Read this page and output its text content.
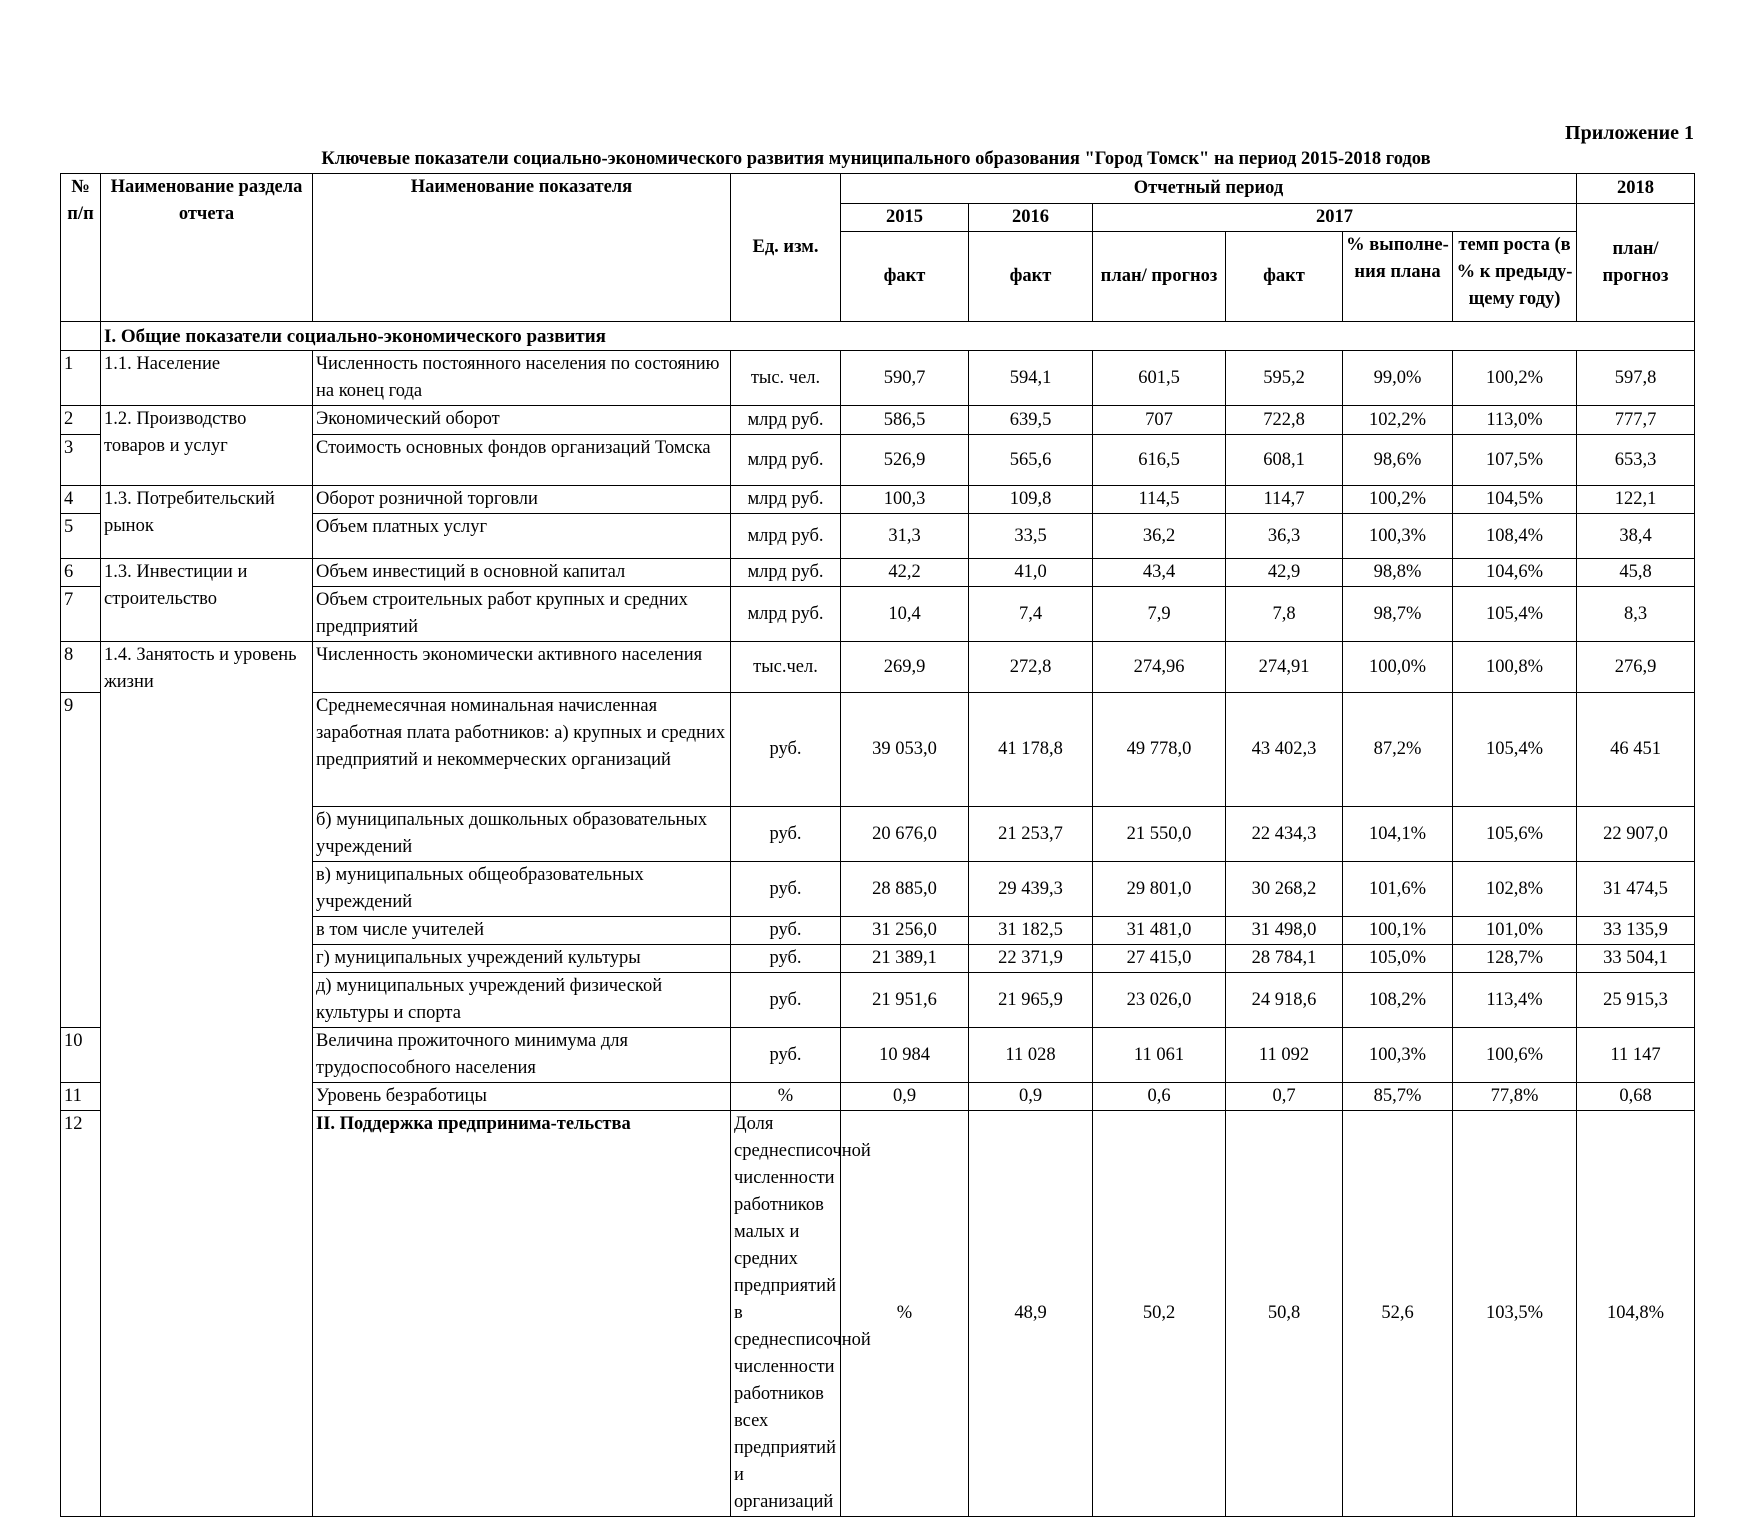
Приложение 1
Ключевые показатели социально-экономического развития муниципального образования "Город Томск" на период 2015-2018 годов
№ п/п	Наименование раздела отчета	Наименование показателя	Ед. изм.	Отчетный период						2018	
				2015	2016	2017				план/ прогноз	
				факт	факт	план/ прогноз	факт	% выполне-ния плана	темп роста (в % к предыду-щему году)		
	I. Общие показатели социально-экономического развития										
1	1.1. Население	Численность постоянного населения по состоянию на конец года	тыс. чел.	590,7	594,1	601,5	595,2	99,0%	100,2%	597,8	
2	1.2. Производство товаров и услуг	Экономический оборот	млрд руб.	586,5	639,5	707	722,8	102,2%	113,0%	777,7	
3		Стоимость основных фондов организаций Томска	млрд руб.	526,9	565,6	616,5	608,1	98,6%	107,5%	653,3	
4	1.3. Потребительский рынок	Оборот розничной торговли	млрд руб.	100,3	109,8	114,5	114,7	100,2%	104,5%	122,1	
5		Объем платных услуг	млрд руб.	31,3	33,5	36,2	36,3	100,3%	108,4%	38,4	
6	1.3. Инвестиции и строительство	Объем инвестиций в основной капитал	млрд руб.	42,2	41,0	43,4	42,9	98,8%	104,6%	45,8	
7		Объем строительных работ крупных и средних предприятий	млрд руб.	10,4	7,4	7,9	7,8	98,7%	105,4%	8,3	
8	1.4. Занятость и уровень жизни	Численность экономически активного населения	тыс.чел.	269,9	272,8	274,96	274,91	100,0%	100,8%	276,9	
9		Среднемесячная номинальная начисленная заработная плата работников: а) крупных и средних предприятий и некоммерческих организаций	руб.	39 053,0	41 178,8	49 778,0	43 402,3	87,2%	105,4%	46 451	
		б) муниципальных дошкольных образовательных учреждений	руб.	20 676,0	21 253,7	21 550,0	22 434,3	104,1%	105,6%	22 907,0	
		в) муниципальных общеобразовательных учреждений	руб.	28 885,0	29 439,3	29 801,0	30 268,2	101,6%	102,8%	31 474,5	
		в том числе учителей	руб.	31 256,0	31 182,5	31 481,0	31 498,0	100,1%	101,0%	33 135,9	
		г) муниципальных учреждений культуры	руб.	21 389,1	22 371,9	27 415,0	28 784,1	105,0%	128,7%	33 504,1	
		д) муниципальных учреждений физической культуры и спорта	руб.	21 951,6	21 965,9	23 026,0	24 918,6	108,2%	113,4%	25 915,3	
10		Величина прожиточного минимума для трудоспособного населения	руб.	10 984	11 028	11 061	11 092	100,3%	100,6%	11 147	
11		Уровень безработицы	%	0,9	0,9	0,6	0,7	85,7%	77,8%	0,68	
12		II. Поддержка предпринима-тельства	Доля среднесписочной численности работников малых и средних предприятий в среднесписочной численности работников всех предприятий и организаций	%	48,9	50,2	50,8	52,6	103,5%	104,8%	
